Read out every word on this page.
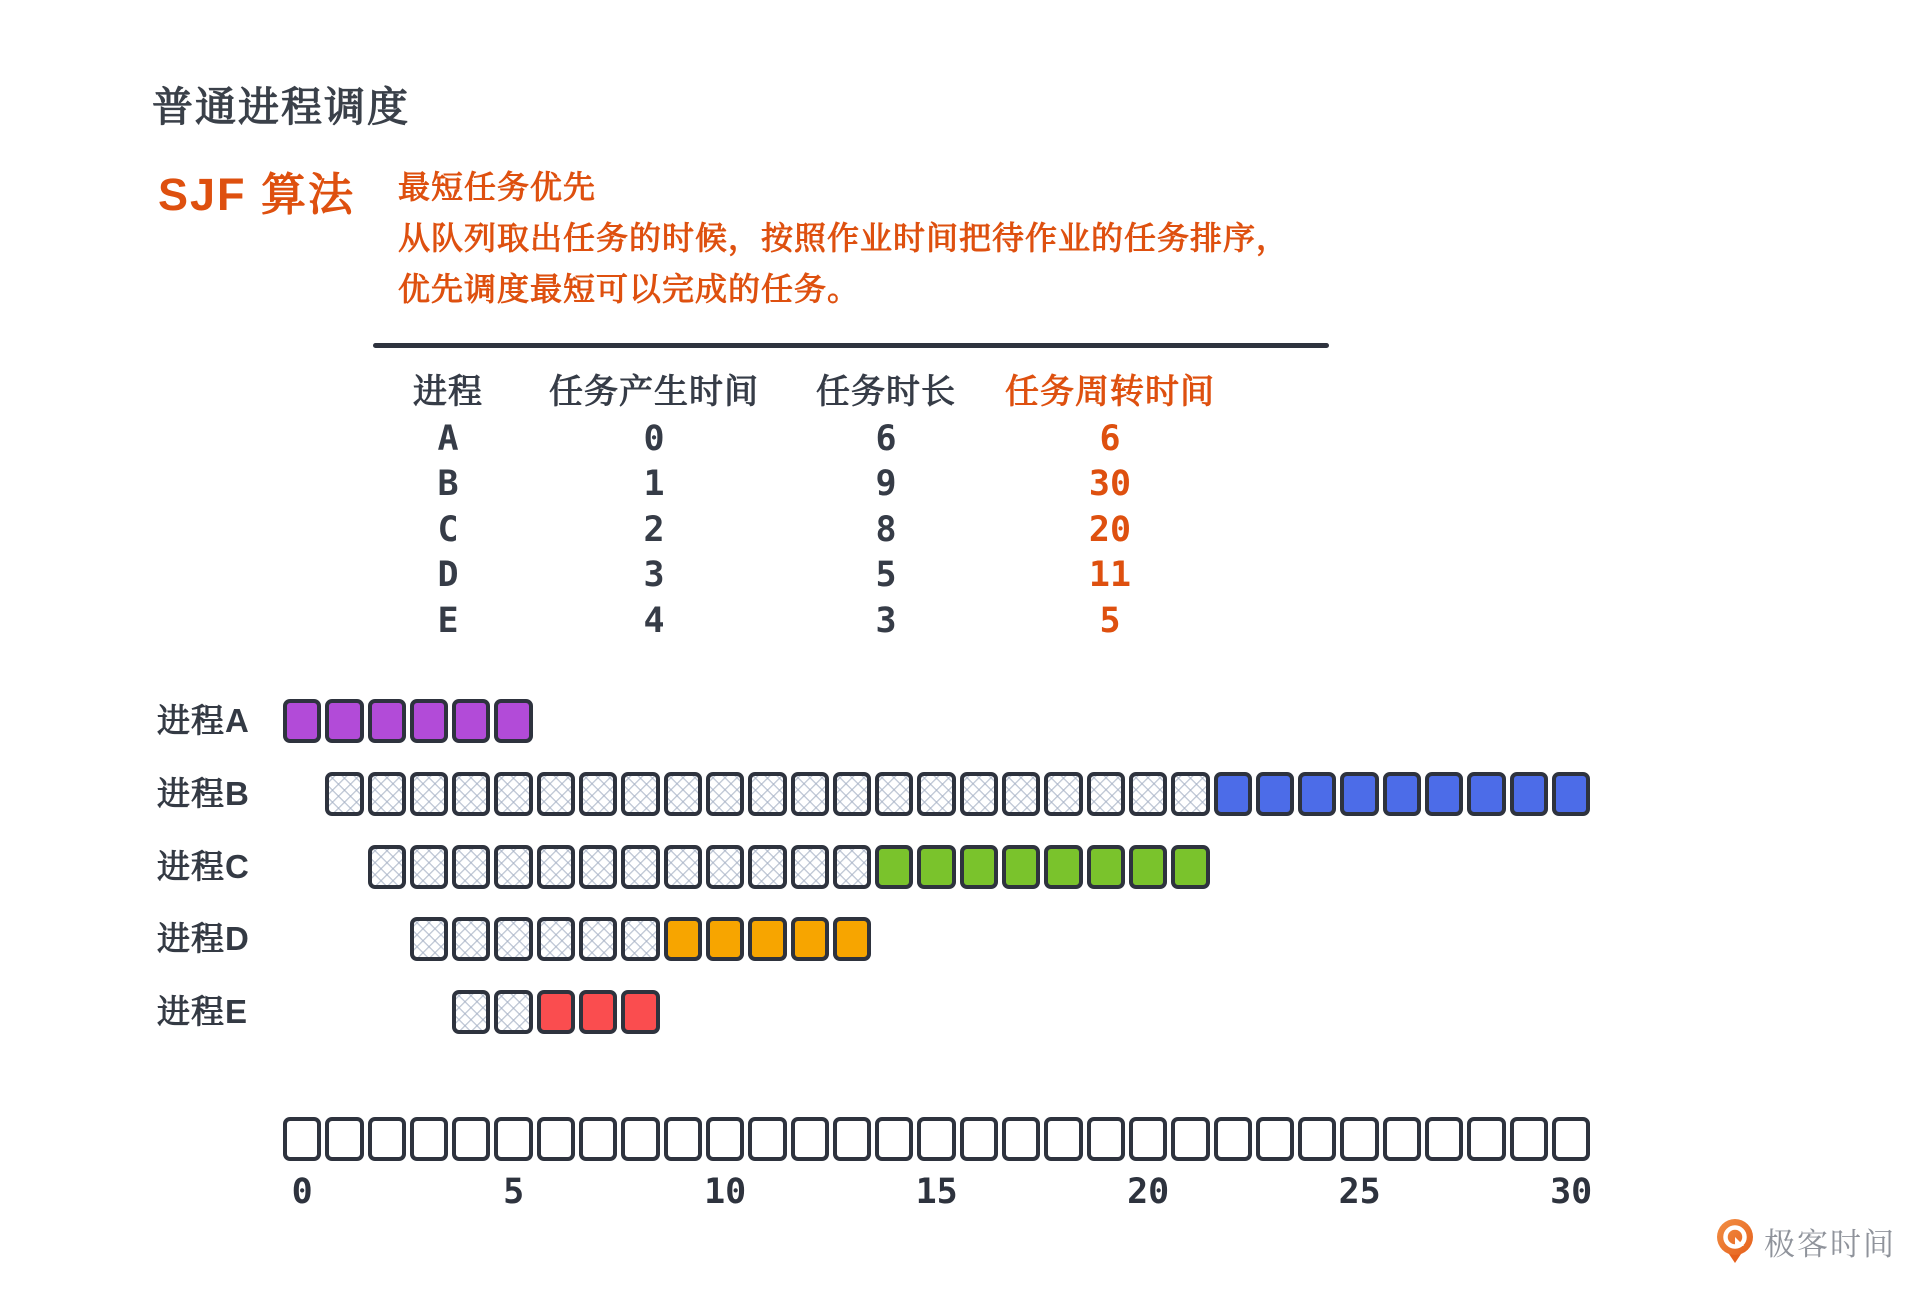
普通进程调度
SJF 算法 最短任务优先
从队列取出任务的时候，按照作业时间把待作业的任务排序，
优先调度最短可以完成的任务。
进程	任务产生时间	任务时长	任务周转时间
A	0	6	6
B	1	9	30
C	2	8	20
D	3	5	11
E	4	3	5
进程A
进程B
进程C
进程D
进程E
0	5	10	15	20	25	30
极客时间
